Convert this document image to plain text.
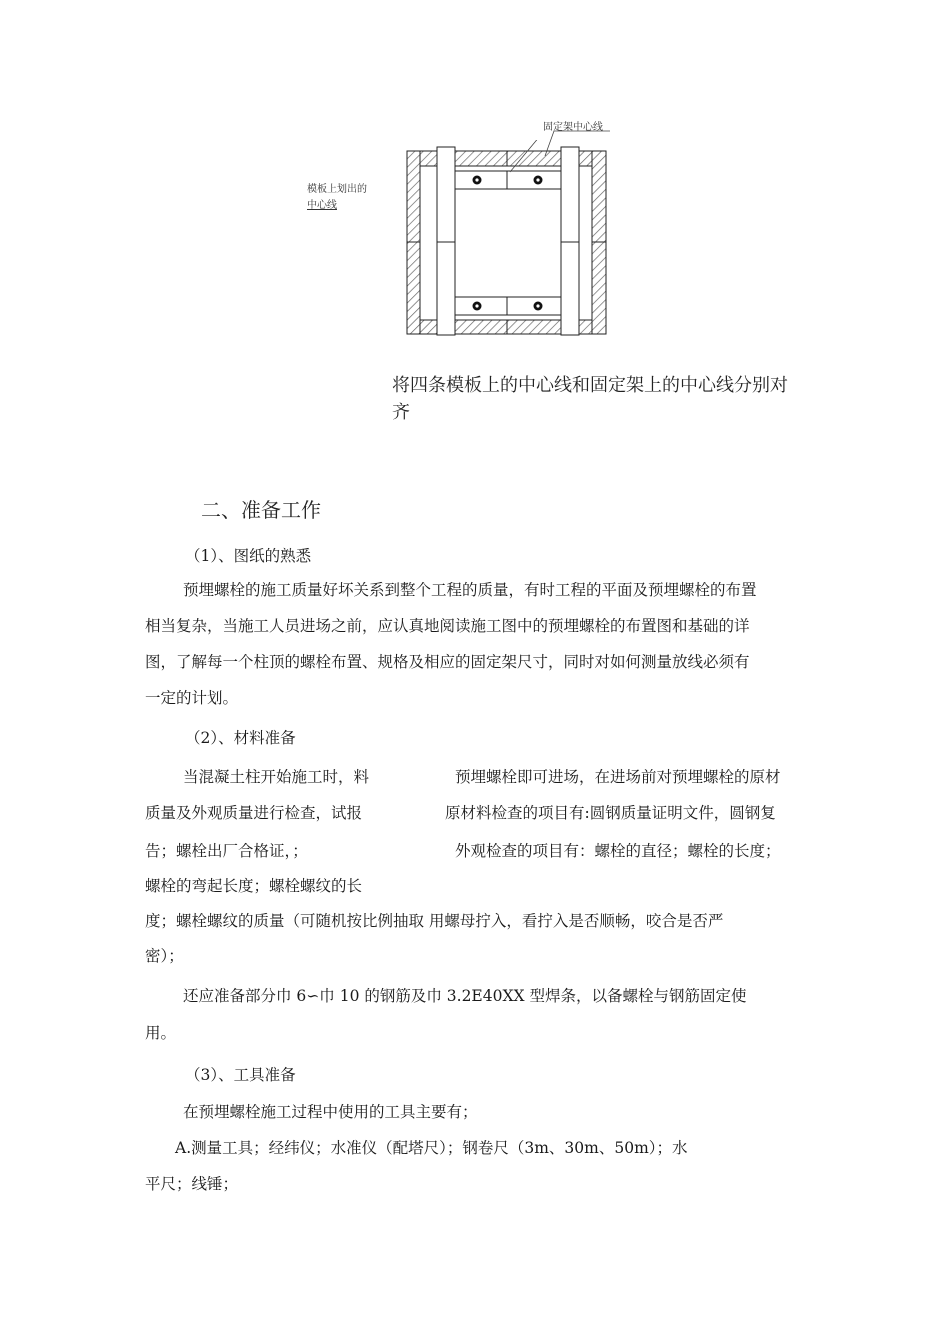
固定架中心线
模板上划出的
中心线
将四条模板上的中心线和固定架上的中心线分别对
齐
二、准备工作
（1）、图纸的熟悉
预埋螺栓的施工质量好坏关系到整个工程的质量，有时工程的平面及预埋螺栓的布置
相当复杂，当施工人员进场之前，应认真地阅读施工图中的预埋螺栓的布置图和基础的详
图，了解每一个柱顶的螺栓布置、规格及相应的固定架尺寸，同时对如何测量放线必须有
一定的计划。
（2）、材料准备
当混凝土柱开始施工时，料	预埋螺栓即可进场，在进场前对预埋螺栓的原材
质量及外观质量进行检查，试报	原材料检查的项目有:圆钢质量证明文件，圆钢复
告；螺栓出厂合格证，；	外观检查的项目有：螺栓的直径；螺栓的长度；
螺栓的弯起长度；螺栓螺纹的长
度；螺栓螺纹的质量（可随机按比例抽取 用螺母拧入，看拧入是否顺畅，咬合是否严
密）；
还应准备部分巾 6∽巾 10 的钢筋及巾 3.2E40XX 型焊条，以备螺栓与钢筋固定使
用。
（3）、工具准备
在预埋螺栓施工过程中使用的工具主要有；
A.测量工具；经纬仪；水准仪（配塔尺）；钢卷尺（3m、30m、50m）；水
平尺；线锤；
